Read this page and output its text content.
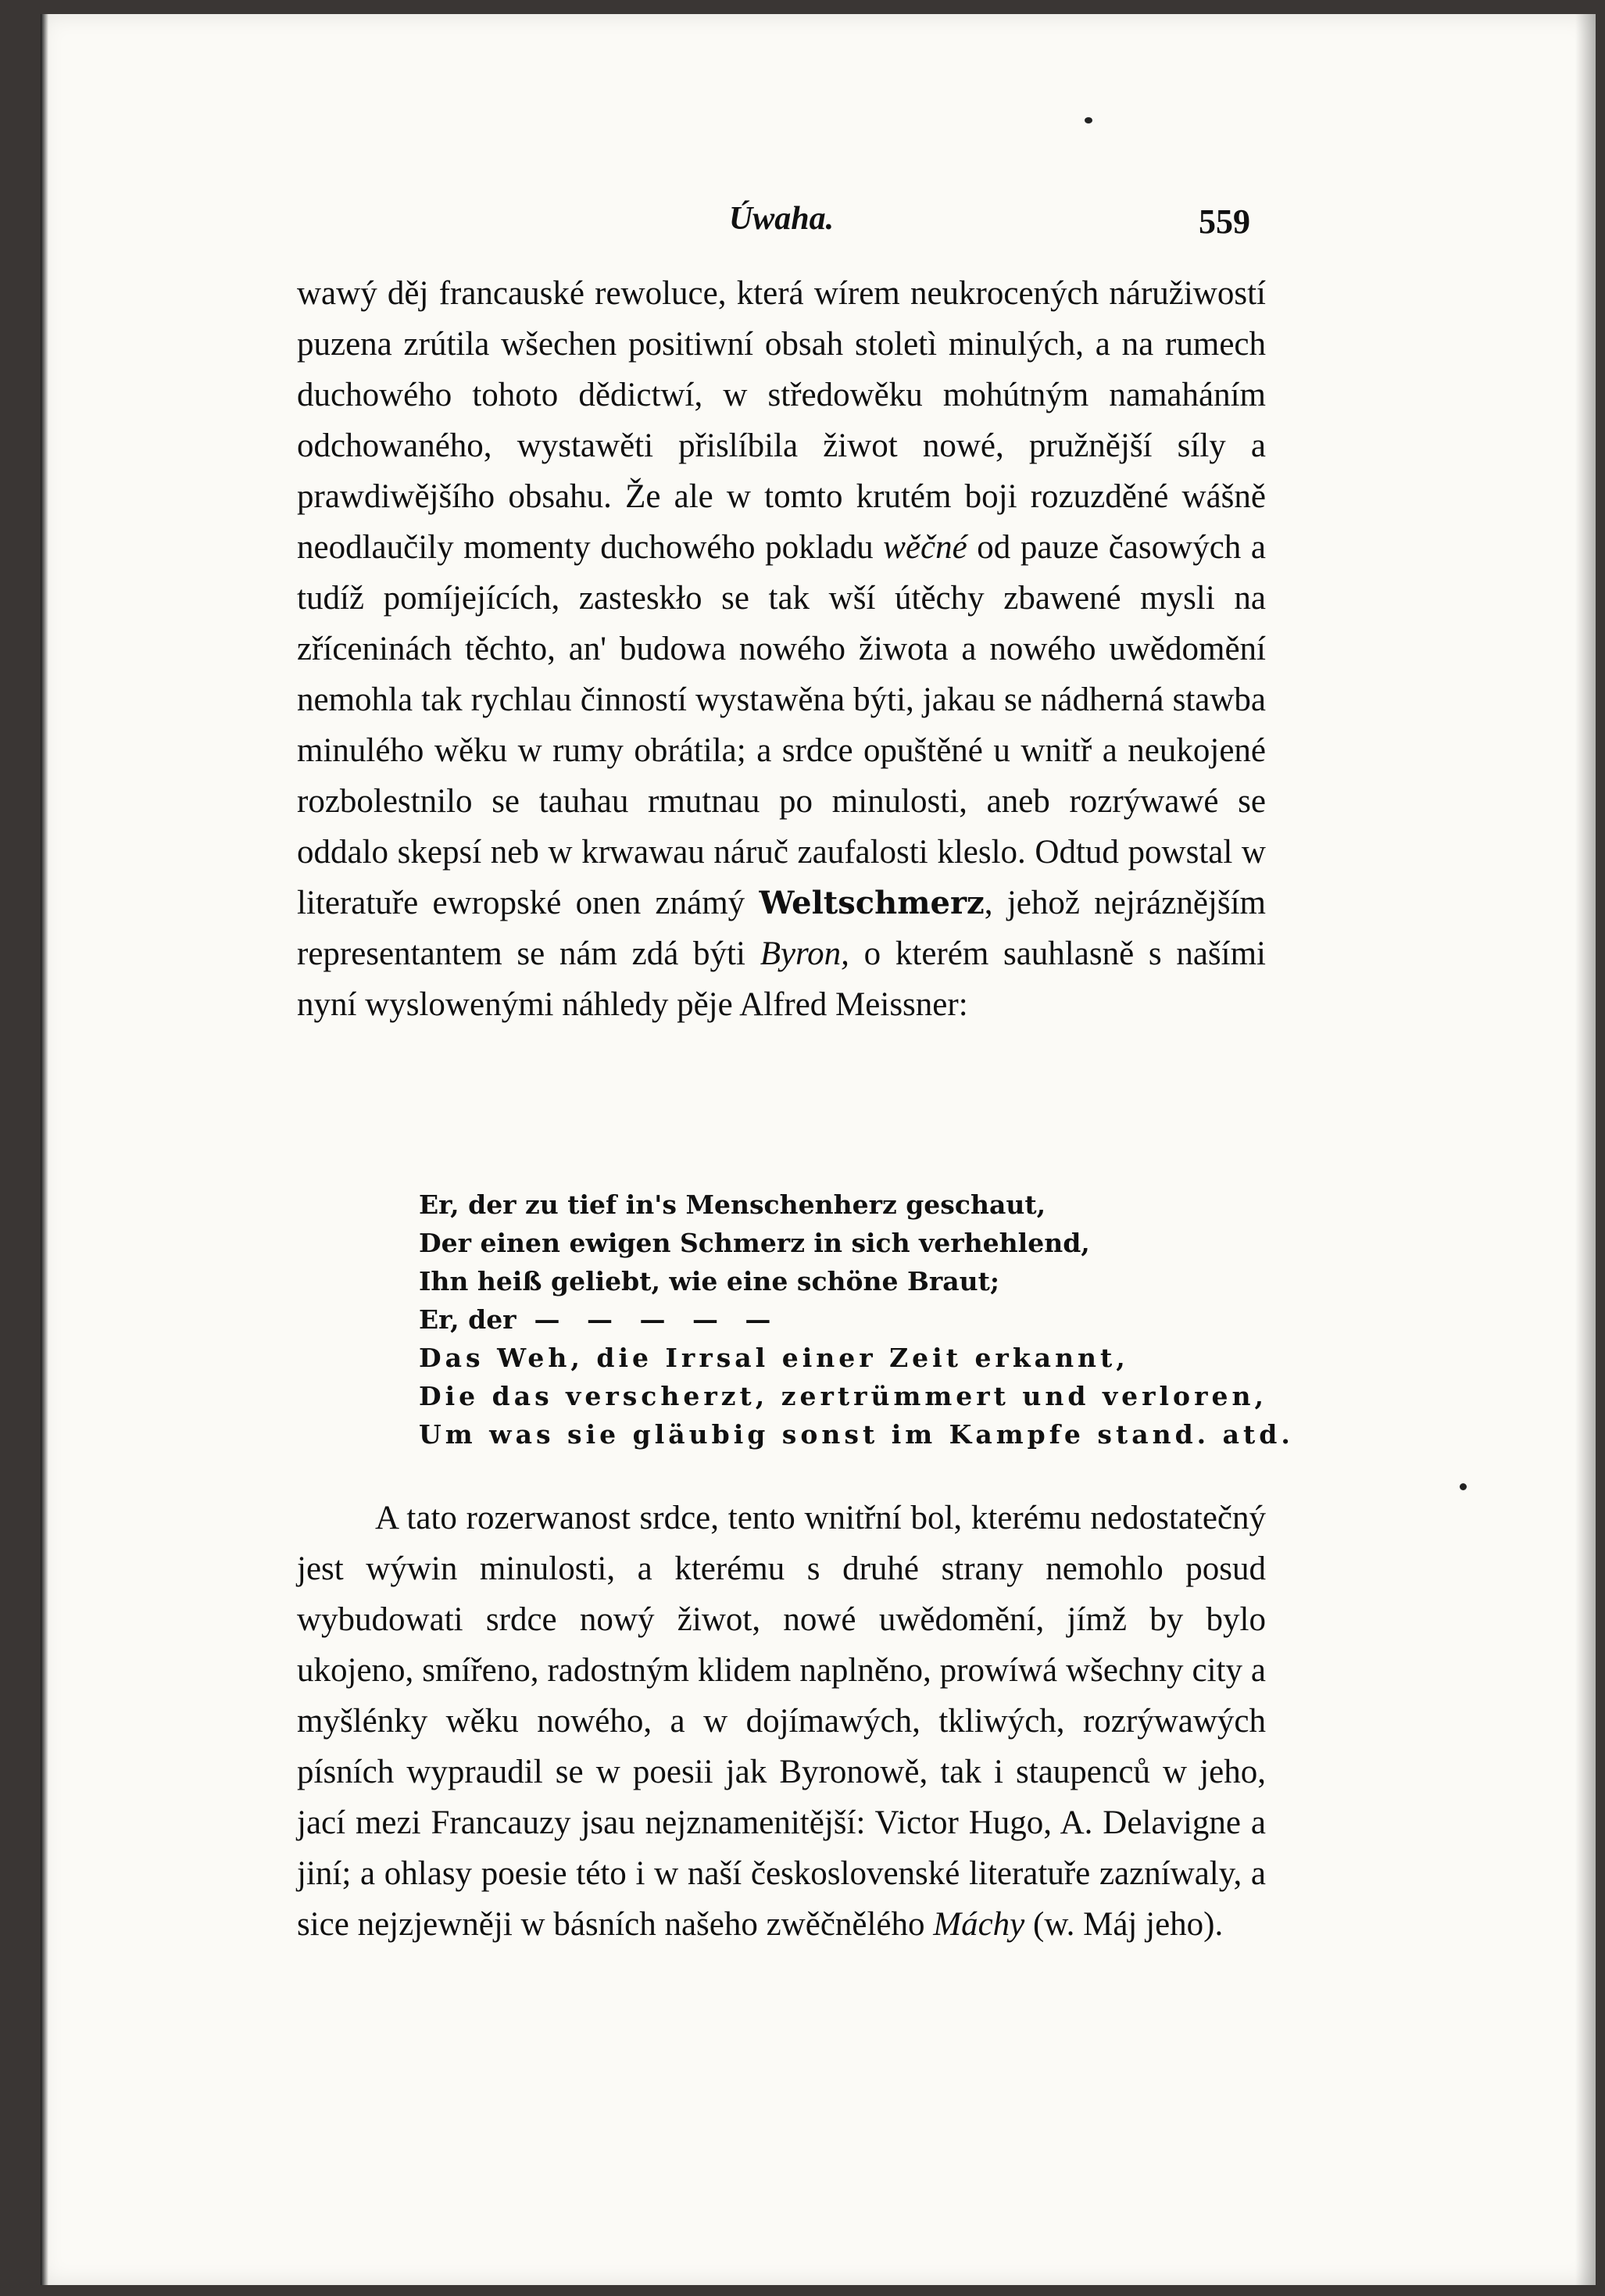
Úwaha.	559

wawý děj francauské rewoluce, která wírem neukrocených náružiwostí puzena zrútila wšechen positiwní obsah stoletì minulých, a na rumech duchowého tohoto dědictwí, w středowěku mohútným namaháním odchowaného, wystawěti přislíbila žiwot nowé, pružnější síly a prawdiwějšího obsahu. Že ale w tomto krutém boji rozuzděné wášně neodlaučily momenty duchowého pokladu wěčné od pauze časowých a tudíž pomíjejících, zasteskło se tak wší útěchy zbawené mysli na zříceninách těchto, an' budowa nowého žiwota a nowého uwědomění nemohla tak rychlau činností wystawěna býti, jakau se nádherná stawba minulého wěku w rumy obrátila; a srdce opuštěné u wnitř a neukojené rozbolestnilo se tauhau rmutnau po minulosti, aneb rozrýwawé se oddalo skepsí neb w krwawau náruč zaufalosti kleslo. Odtud powstal w literatuře ewropské onen známý Weltschmerz, jehož nejráznějším representantem se nám zdá býti Byron, o kterém sauhlasně s našími nyní wyslowenými náhledy pěje Alfred Meissner:

Er, der zu tief in's Menschenherz geschaut,
Der einen ewigen Schmerz in sich verhehlend,
Ihn heiß geliebt, wie eine schöne Braut;
Er, der  —   —   —   —   —
Das Weh, die Irrsal einer Zeit erkannt,
Die das verscherzt, zertrümmert und verloren,
Um was sie gläubig sonst im Kampfe stand. atd.

A tato rozerwanost srdce, tento wnitřní bol, kterému nedostatečný jest wýwin minulosti, a kterému s druhé strany nemohlo posud wybudowati srdce nowý žiwot, nowé uwědomění, jímž by bylo ukojeno, smířeno, radostným klidem naplněno, prowíwá wšechny city a myšlénky wěku nowého, a w dojímawých, tkliwých, rozrýwawých písních wypraudil se w poesii jak Byronowě, tak i staupenců w jeho, jací mezi Francauzy jsau nejznamenitější: Victor Hugo, A. Delavigne a jiní; a ohlasy poesie této i w naší československé literatuře zazníwaly, a sice nejzjewněji w básních našeho zwěčnělého Máchy (w. Máj jeho).
